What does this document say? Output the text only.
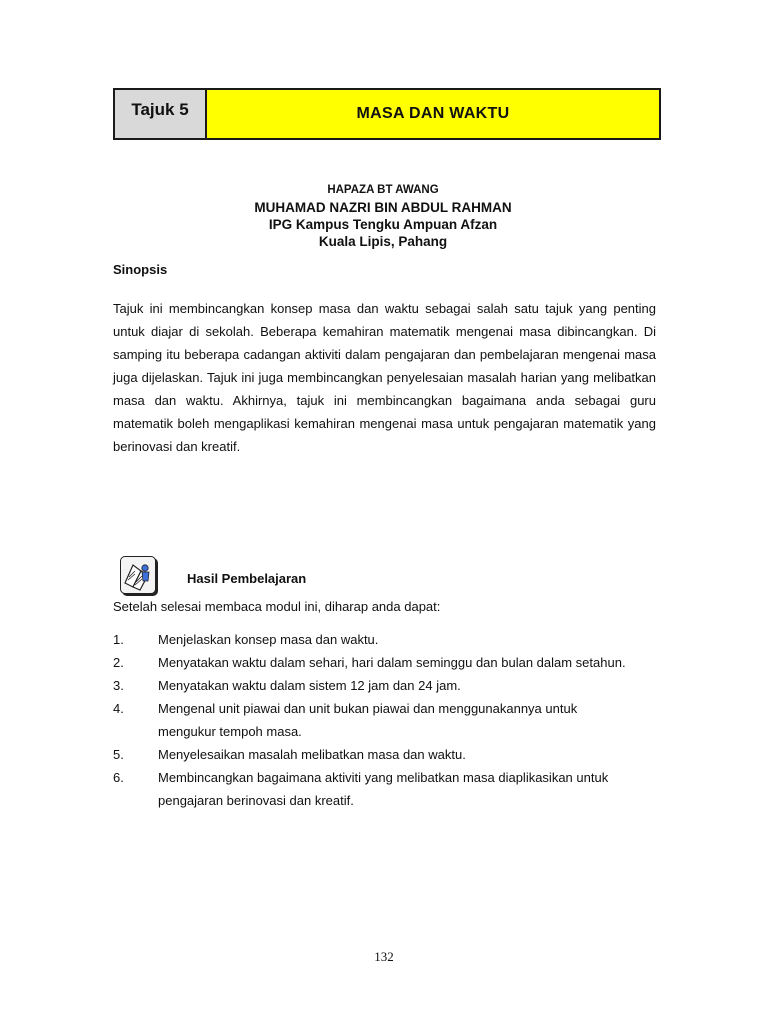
Tajuk 5	MASA DAN WAKTU
HAPAZA BT AWANG
MUHAMAD NAZRI BIN ABDUL RAHMAN
IPG Kampus Tengku Ampuan Afzan
Kuala Lipis, Pahang
Sinopsis
Tajuk ini membincangkan konsep masa dan waktu sebagai salah satu tajuk yang penting untuk diajar di sekolah. Beberapa kemahiran matematik mengenai masa dibincangkan. Di samping itu beberapa cadangan aktiviti dalam pengajaran dan pembelajaran mengenai masa juga dijelaskan. Tajuk ini juga membincangkan penyelesaian masalah harian yang melibatkan masa dan waktu. Akhirnya, tajuk ini membincangkan bagaimana anda sebagai guru matematik boleh mengaplikasi kemahiran mengenai masa untuk pengajaran matematik yang berinovasi dan kreatif.
Hasil Pembelajaran
Setelah selesai membaca modul ini, diharap anda dapat:
1.	Menjelaskan konsep masa dan waktu.
2.	Menyatakan waktu dalam sehari, hari dalam seminggu dan bulan dalam setahun.
3.	Menyatakan waktu dalam sistem 12 jam dan 24 jam.
4.	Mengenal unit piawai dan unit bukan piawai dan menggunakannya untuk mengukur tempoh masa.
5.	Menyelesaikan masalah melibatkan masa dan waktu.
6.	Membincangkan bagaimana aktiviti yang melibatkan masa diaplikasikan untuk pengajaran berinovasi dan kreatif.
132
